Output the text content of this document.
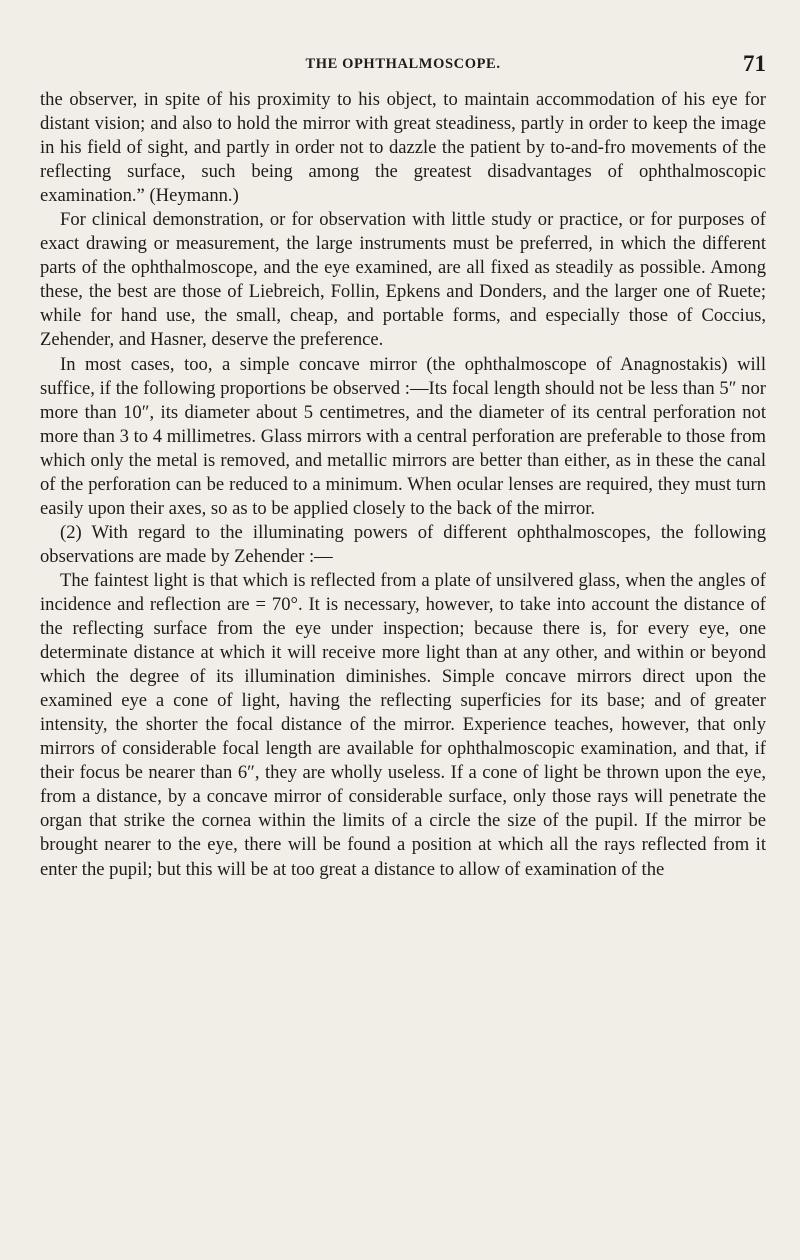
THE OPHTHALMOSCOPE.	71

the observer, in spite of his proximity to his object, to maintain accommodation of his eye for distant vision; and also to hold the mirror with great steadiness, partly in order to keep the image in his field of sight, and partly in order not to dazzle the patient by to-and-fro movements of the reflecting surface, such being among the greatest disadvantages of ophthalmoscopic examination.” (Heymann.)

For clinical demonstration, or for observation with little study or practice, or for purposes of exact drawing or measurement, the large instruments must be preferred, in which the different parts of the ophthalmoscope, and the eye examined, are all fixed as steadily as possible. Among these, the best are those of Liebreich, Follin, Epkens and Donders, and the larger one of Ruete; while for hand use, the small, cheap, and portable forms, and especially those of Coccius, Zehender, and Hasner, deserve the preference.

In most cases, too, a simple concave mirror (the ophthalmoscope of Anagnostakis) will suffice, if the following proportions be observed :—Its focal length should not be less than 5″ nor more than 10″, its diameter about 5 centimetres, and the diameter of its central perforation not more than 3 to 4 millimetres. Glass mirrors with a central perforation are preferable to those from which only the metal is removed, and metallic mirrors are better than either, as in these the canal of the perforation can be reduced to a minimum. When ocular lenses are required, they must turn easily upon their axes, so as to be applied closely to the back of the mirror.

(2) With regard to the illuminating powers of different ophthalmoscopes, the following observations are made by Zehender :—

The faintest light is that which is reflected from a plate of unsilvered glass, when the angles of incidence and reflection are = 70°. It is necessary, however, to take into account the distance of the reflecting surface from the eye under inspection; because there is, for every eye, one determinate distance at which it will receive more light than at any other, and within or beyond which the degree of its illumination diminishes. Simple concave mirrors direct upon the examined eye a cone of light, having the reflecting superficies for its base; and of greater intensity, the shorter the focal distance of the mirror. Experience teaches, however, that only mirrors of considerable focal length are available for ophthalmoscopic examination, and that, if their focus be nearer than 6″, they are wholly useless. If a cone of light be thrown upon the eye, from a distance, by a concave mirror of considerable surface, only those rays will penetrate the organ that strike the cornea within the limits of a circle the size of the pupil. If the mirror be brought nearer to the eye, there will be found a position at which all the rays reflected from it enter the pupil; but this will be at too great a distance to allow of examination of the
